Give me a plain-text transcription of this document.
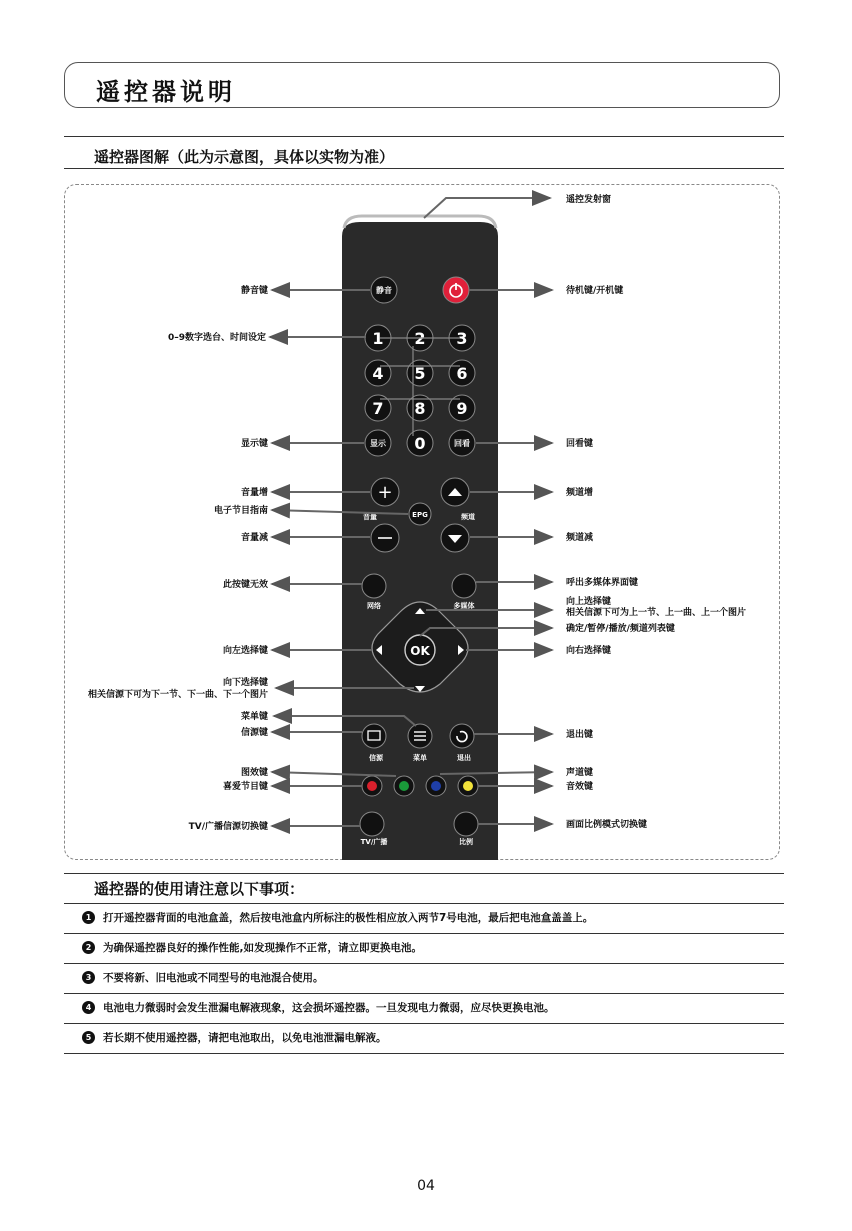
遥控器说明
遥控器图解（此为示意图，具体以实物为准）
遥控发射窗
静音
1 2 3
4 5 6
7 8 9
0
显示	回看
+
音量	EPG	频道
网络	多媒体
OK
信源	菜单	退出
TV/广播	比例
静音键
0–9数字选台、时间设定
显示键
音量增
电子节目指南
音量减
此按键无效
向左选择键
向下选择键
相关信源下可为下一节、下一曲、下一个图片
菜单键
信源键
图效键
喜爱节目键
TV/广播信源切换键
待机键/开机键
回看键
频道增
频道减
呼出多媒体界面键
向上选择键
相关信源下可为上一节、上一曲、上一个图片
确定/暂停/播放/频道列表键
向右选择键
退出键
声道键
音效键
画面比例模式切换键
遥控器的使用请注意以下事项：
1	打开遥控器背面的电池盒盖，然后按电池盒内所标注的极性相应放入两节7号电池，最后把电池盒盖盖上。
2	为确保遥控器良好的操作性能,如发现操作不正常，请立即更换电池。
3	不要将新、旧电池或不同型号的电池混合使用。
4	电池电力微弱时会发生泄漏电解液现象，这会损坏遥控器。一旦发现电力微弱，应尽快更换电池。
5	若长期不使用遥控器，请把电池取出，以免电池泄漏电解液。
04
